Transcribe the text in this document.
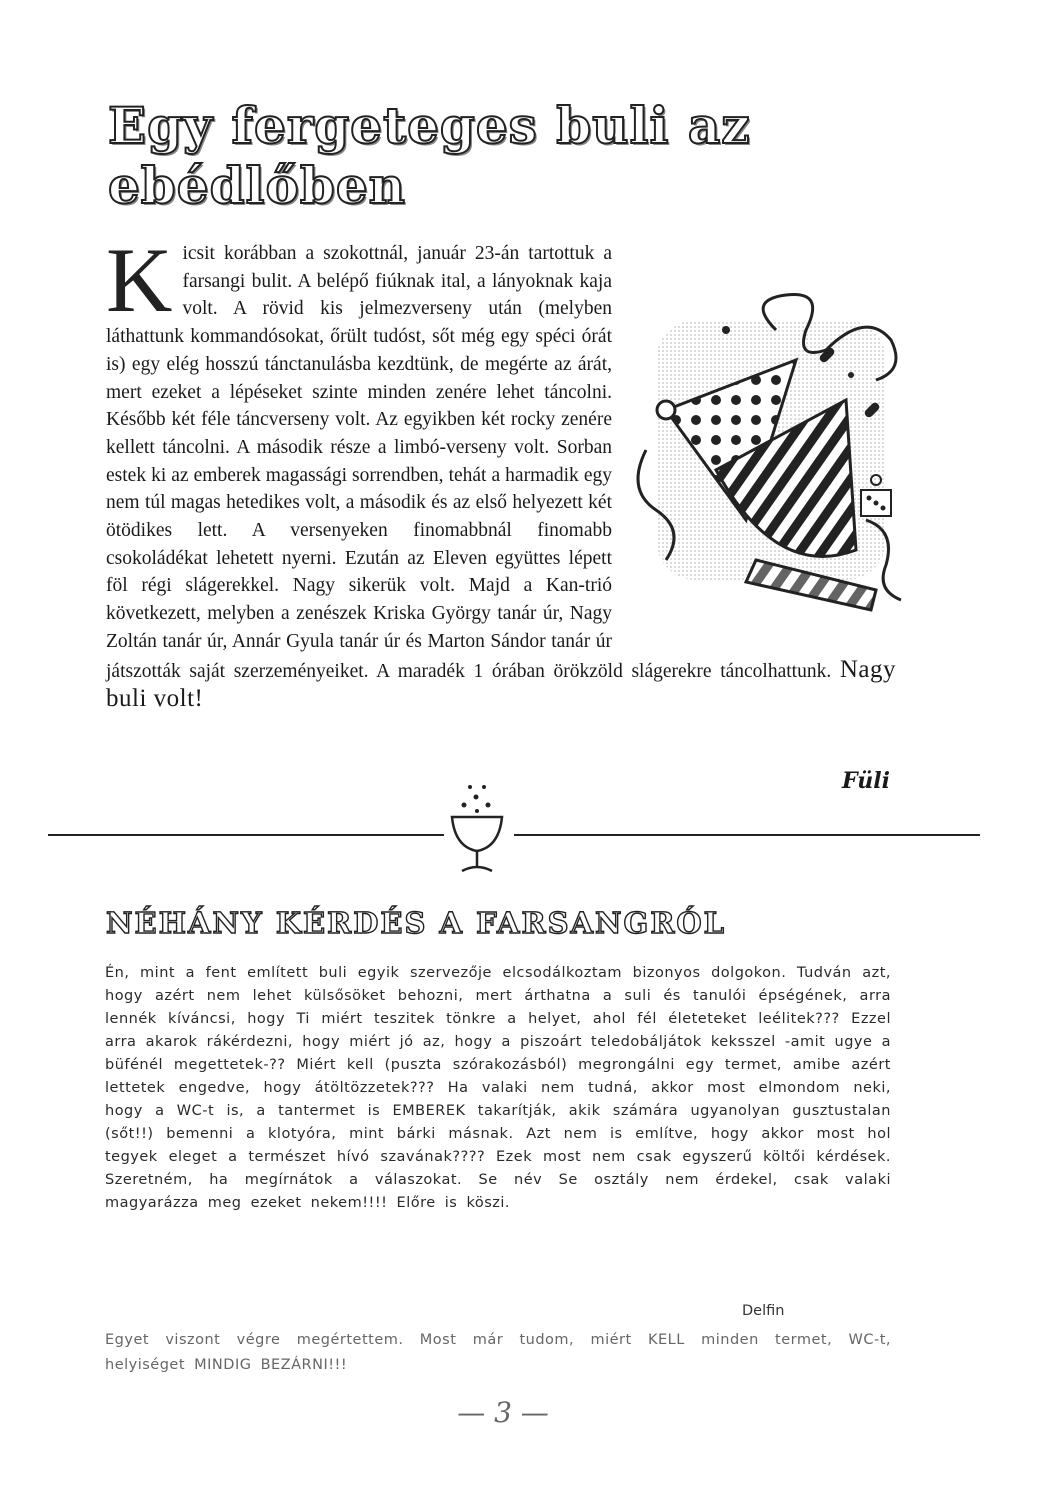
Egy fergeteges buli az ebédlőben
K icsit korábban a szokottnál, január 23-án tartottuk a farsangi bulit. A belépő fiúknak ital, a lányoknak kaja volt. A rövid kis jelmezverseny után (melyben láthattunk kommandósokat, őrült tudóst, sőt még egy spéci órát is) egy elég hosszú tánctanulásba kezdtünk, de megérte az árát, mert ezeket a lépéseket szinte minden zenére lehet táncolni. Később két féle táncverseny volt. Az egyikben két rocky zenére kellett táncolni. A második része a limbó-verseny volt. Sorban estek ki az emberek magassági sorrendben, tehát a harmadik egy nem túl magas hetedikes volt, a második és az első helyezett két ötödikes lett. A versenyeken finomabbnál finomabb csokoládékat lehetett nyerni. Ezután az Eleven együttes lépett föl régi slágerekkel. Nagy sikerük volt. Majd a Kan-trió következett, melyben a zenészek Kriska György tanár úr, Nagy Zoltán tanár úr, Annár Gyula tanár úr és Marton Sándor tanár úr játszották saját szerzeményeiket. A maradék 1 órában örökzöld slágerekre táncolhattunk. Nagy buli volt!
Füli
NÉHÁNY KÉRDÉS A FARSANGRÓL
Én, mint a fent említett buli egyik szervezője elcsodálkoztam bizonyos dolgokon. Tudván azt, hogy azért nem lehet külsősöket behozni, mert árthatna a suli és tanulói épségének, arra lennék kíváncsi, hogy Ti miért teszitek tönkre a helyet, ahol fél életeteket leélitek??? Ezzel arra akarok rákérdezni, hogy miért jó az, hogy a piszoárt teledobáljátok keksszel -amit ugye a büfénél megettetek-?? Miért kell (puszta szórakozásból) megrongálni egy termet, amibe azért lettetek engedve, hogy átöltözzetek??? Ha valaki nem tudná, akkor most elmondom neki, hogy a WC-t is, a tantermet is EMBEREK takarítják, akik számára ugyanolyan gusztustalan (sőt!!) bemenni a klotyóra, mint bárki másnak. Azt nem is említve, hogy akkor most hol tegyek eleget a természet hívó szavának???? Ezek most nem csak egyszerű költői kérdések. Szeretném, ha megírnátok a válaszokat. Se név Se osztály nem érdekel, csak valaki magyarázza meg ezeket nekem!!!! Előre is köszi.
Delfin
Egyet viszont végre megértettem. Most már tudom, miért KELL minden termet, WC-t, helyiséget MINDIG BEZÁRNI!!!
— 3 —
